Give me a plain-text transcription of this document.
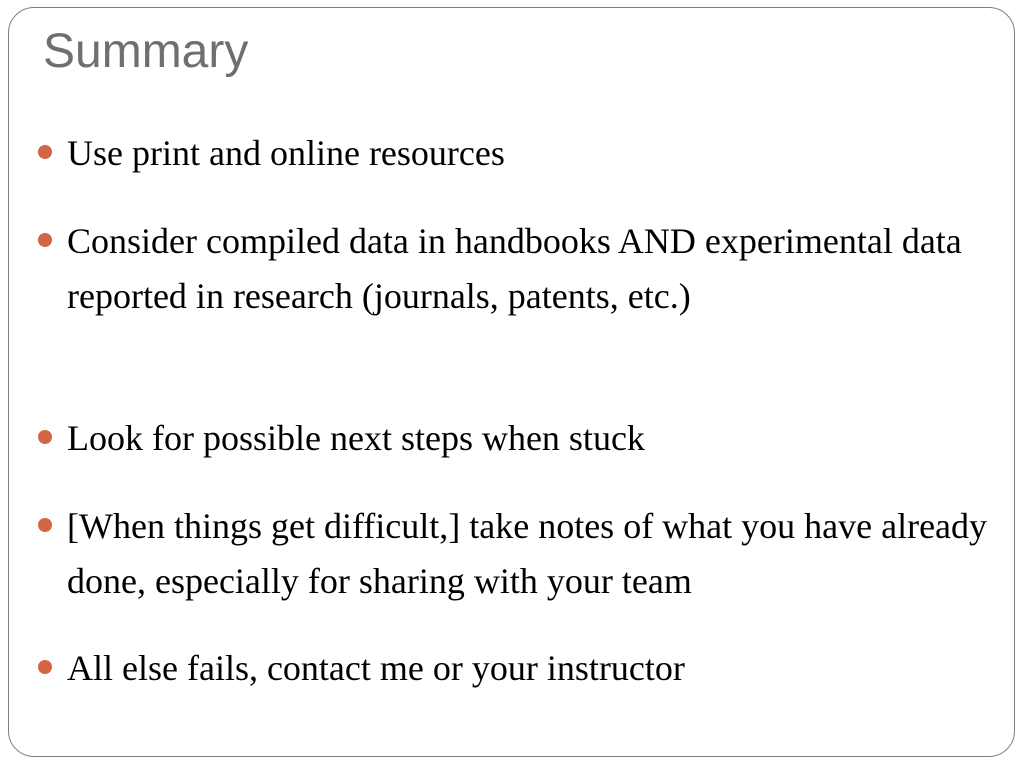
Summary
Use print and online resources
Consider compiled data in handbooks AND experimental data reported in research (journals, patents, etc.)
Look for possible next steps when stuck
[When things get difficult,] take notes of what you have already done, especially for sharing with your team
All else fails, contact me or your instructor
